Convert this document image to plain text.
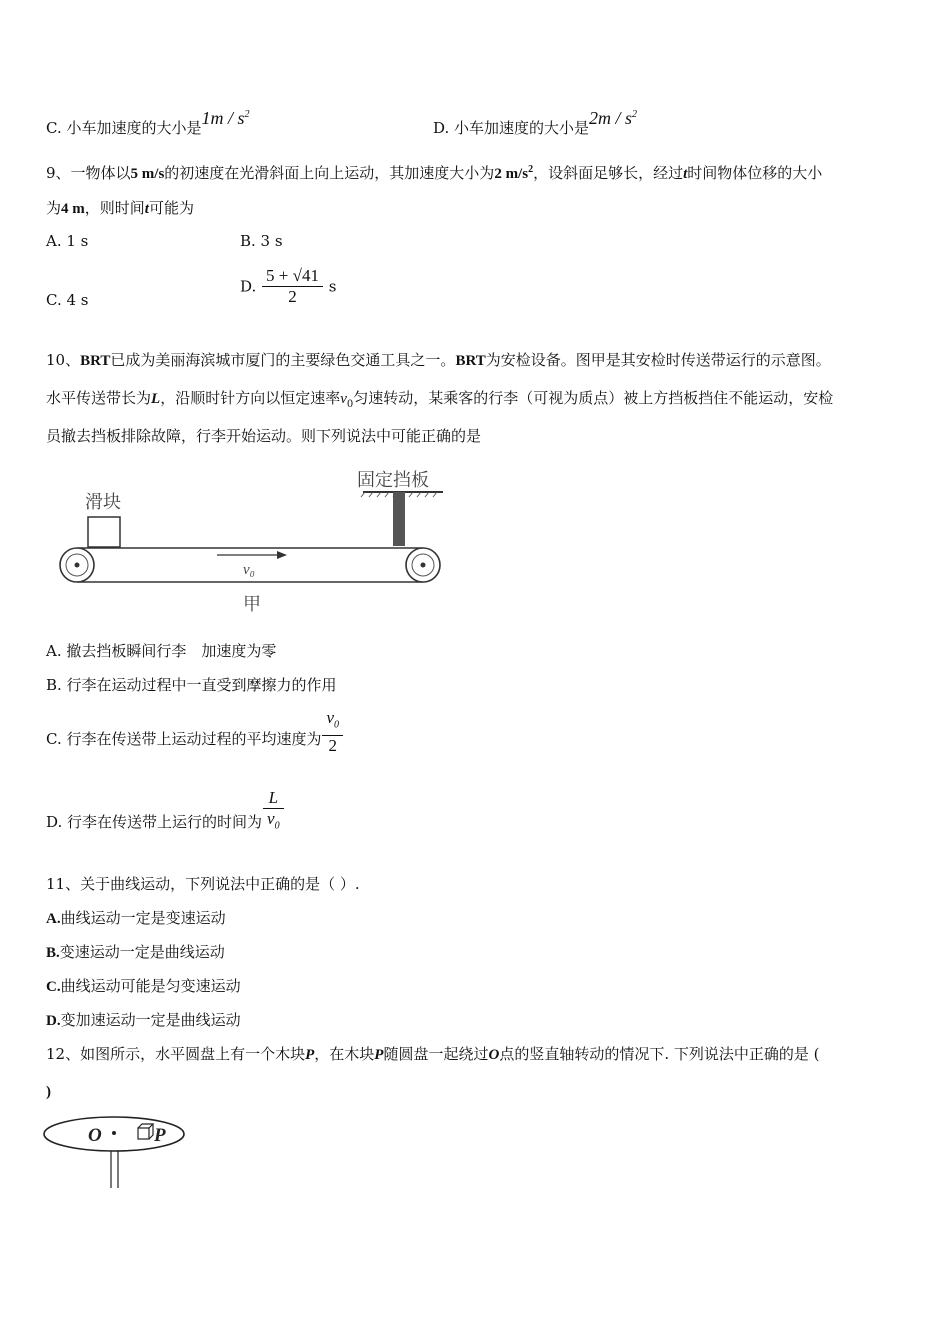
C. 小车加速度的大小是$1m / s^2$
D. 小车加速度的大小是$2m / s^2$
9、一物体以5 m/s的初速度在光滑斜面上向上运动，其加速度大小为2 $m/s^2$，设斜面足够长，经过t时间物体位移的大小
为4 m，则时间t可能为
A. 1 s	B. 3 s
C. 4 s
D. $\frac{5 + √41}{2}$ s
10、BRT已成为美丽海滨城市厦门的主要绿色交通工具之一。BRT为安检设备。图甲是其安检时传送带运行的示意图。
水平传送带长为L，沿顺时针方向以恒定速率$v_0$匀速转动，某乘客的行李（可视为质点）被上方挡板挡住不能运动，安检
员撤去挡板排除故障，行李开始运动。则下列说法中可能正确的是
滑块
固定挡板
v₀
甲
A. 撤去挡板瞬间行李　加速度为零
B. 行李在运动过程中一直受到摩擦力的作用
C. 行李在传送带上运动过程的平均速度为 $\frac{v_0}{2}$
D. 行李在传送带上运行的时间为 $\frac{L}{v_0}$
11、关于曲线运动，下列说法中正确的是（ ）.
A.曲线运动一定是变速运动
B.变速运动一定是曲线运动
C.曲线运动可能是匀变速运动
D.变加速运动一定是曲线运动
12、如图所示，水平圆盘上有一个木块P，在木块P随圆盘一起绕过O点的竖直轴转动的情况下. 下列说法中正确的是 (
)
O	P
